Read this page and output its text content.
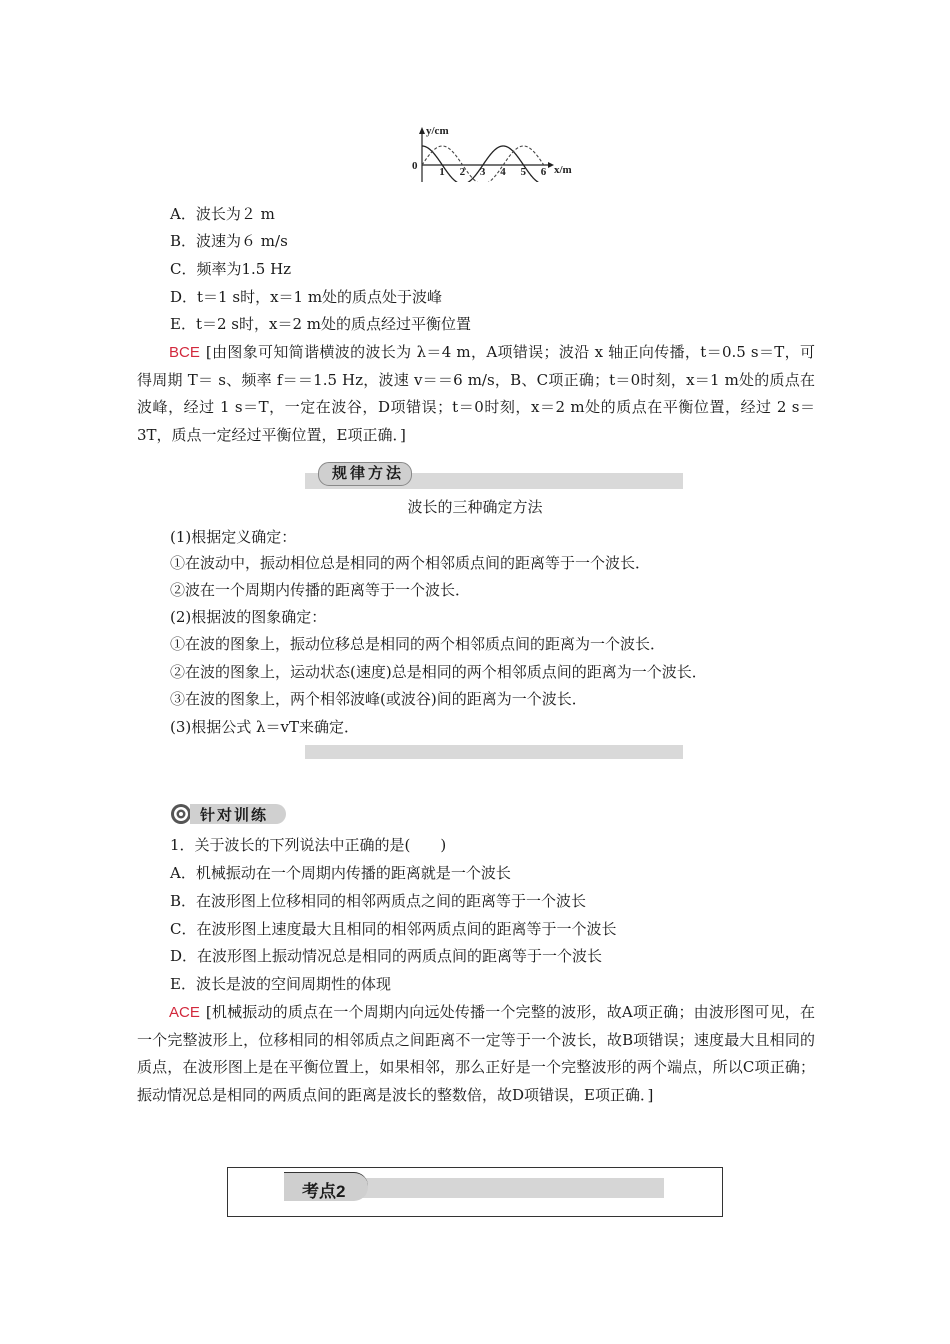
y/cm
0	x/m
1 2 3 4 5 6
A．波长为２ m
B．波速为６ m/s
C．频率为1.5 Hz
D．t＝1 s时，x＝1 m处的质点处于波峰
E．t＝2 s时，x＝2 m处的质点经过平衡位置
BCE [由图象可知简谐横波的波长为 λ＝4 m，A项错误；波沿 x 轴正向传播，t＝0.5 s＝T，可得周期 T＝ s、频率 f＝＝1.5 Hz，波速 v＝＝6 m/s，B、C项正确；t＝0时刻，x＝1 m处的质点在波峰，经过 1 s＝T，一定在波谷，D项错误；t＝0时刻，x＝2 m处的质点在平衡位置，经过 2 s＝3T，质点一定经过平衡位置，E项正确．]
规律方法
波长的三种确定方法
(1)根据定义确定：
①在波动中，振动相位总是相同的两个相邻质点间的距离等于一个波长．
②波在一个周期内传播的距离等于一个波长．
(2)根据波的图象确定：
①在波的图象上，振动位移总是相同的两个相邻质点间的距离为一个波长．
②在波的图象上，运动状态(速度)总是相同的两个相邻质点间的距离为一个波长．
③在波的图象上，两个相邻波峰(或波谷)间的距离为一个波长．
(3)根据公式 λ＝vT来确定．
针对训练
1．关于波长的下列说法中正确的是(　　)
A．机械振动在一个周期内传播的距离就是一个波长
B．在波形图上位移相同的相邻两质点之间的距离等于一个波长
C．在波形图上速度最大且相同的相邻两质点间的距离等于一个波长
D．在波形图上振动情况总是相同的两质点间的距离等于一个波长
E．波长是波的空间周期性的体现
ACE [机械振动的质点在一个周期内向远处传播一个完整的波形，故A项正确；由波形图可见，在一个完整波形上，位移相同的相邻质点之间距离不一定等于一个波长，故B项错误；速度最大且相同的质点，在波形图上是在平衡位置上，如果相邻，那么正好是一个完整波形的两个端点，所以C项正确；振动情况总是相同的两质点间的距离是波长的整数倍，故D项错误，E项正确．]
考点2
